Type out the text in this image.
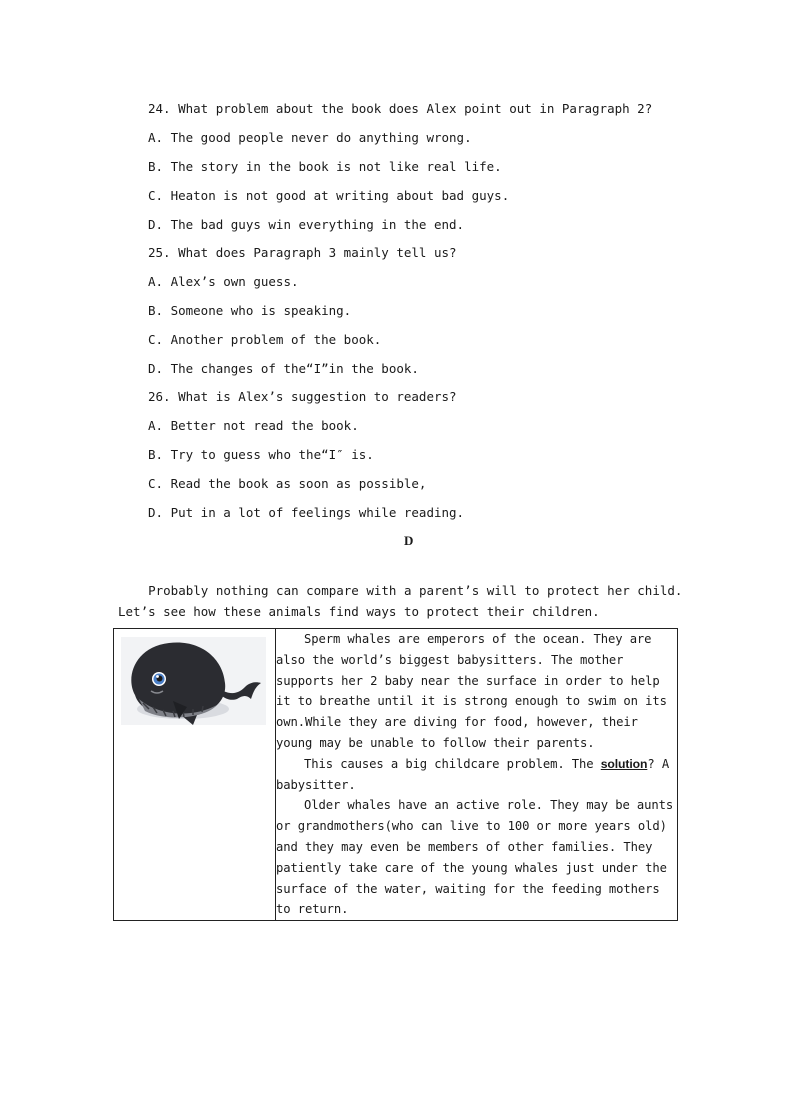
24. What problem about the book does Alex point out in Paragraph 2?
A. The good people never do anything wrong.
B. The story in the book is not like real life.
C. Heaton is not good at writing about bad guys.
D. The bad guys win everything in the end.
25. What does Paragraph 3 mainly tell us?
A. Alex’s own guess.
B. Someone who is speaking.
C. Another problem of the book.
D. The changes of the“I”in the book.
26. What is Alex’s suggestion to readers?
A. Better not read the book.
B. Try to guess who the“I″ is.
C. Read the book as soon as possible,
D. Put in a lot of feelings while reading.
D
Probably nothing can compare with a parent’s will to protect her child.
Let’s see how these animals find ways to protect their children.

Sperm whales are emperors of the ocean. They are also the world’s biggest babysitters. The mother supports her 2 baby near the surface in order to help it to breathe until it is strong enough to swim on its own.While they are diving for food, however, their young may be unable to follow their parents.

This causes a big childcare problem. The solution? A babysitter.

Older whales have an active role. They may be aunts or grandmothers(who can live to 100 or more years old) and they may even be members of other families. They patiently take care of the young whales just under the surface of the water, waiting for the feeding mothers to return.
